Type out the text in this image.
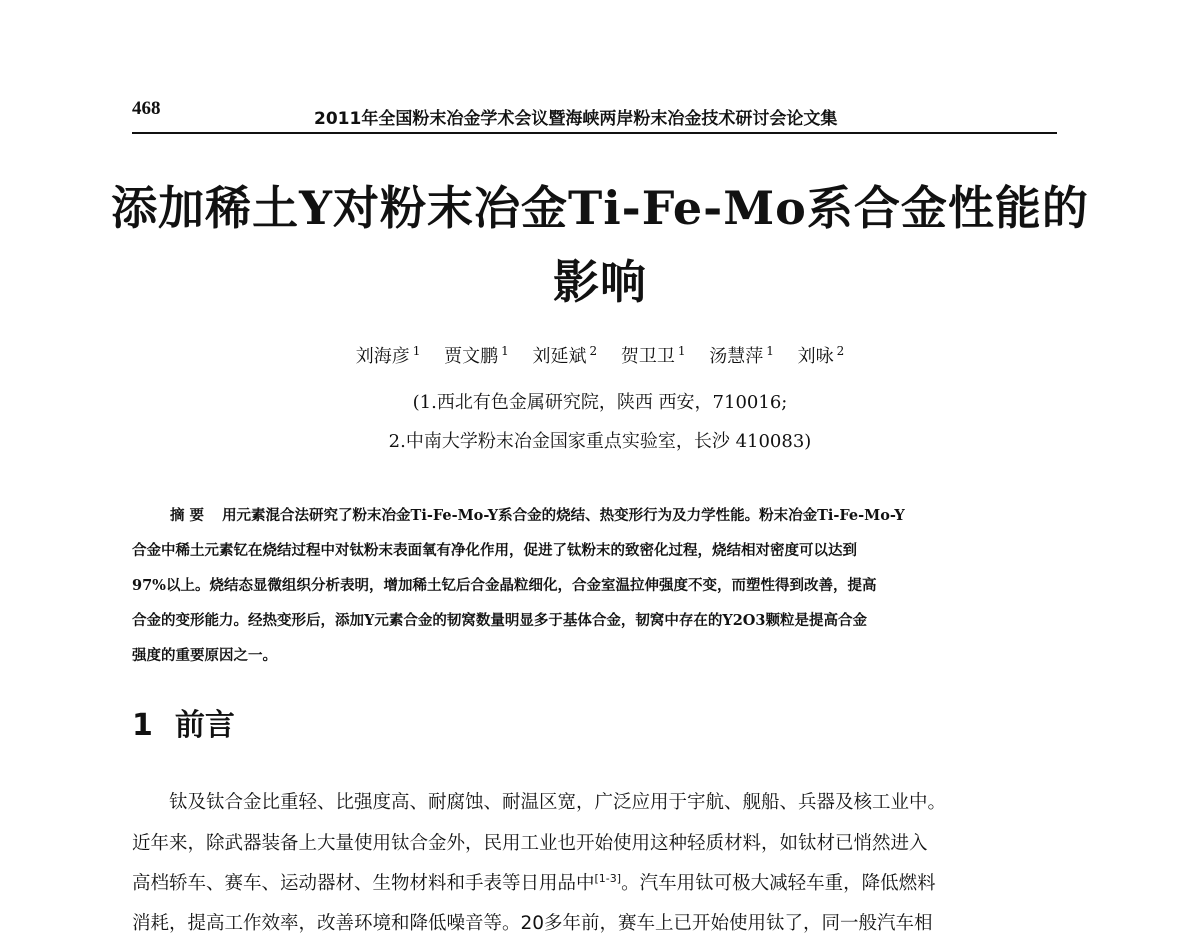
468	2011年全国粉末冶金学术会议暨海峡两岸粉末冶金技术研讨会论文集
添加稀土Y对粉末冶金Ti-Fe-Mo系合金性能的
影响
刘海彦 $^1$ 贾文鹏 $^1$ 刘延斌 $^2$ 贺卫卫 $^1$ 汤慧萍 $^1$ 刘咏 $^2$
(1.西北有色金属研究院，陕西 西安，710016;
2.中南大学粉末冶金国家重点实验室，长沙 410083)
摘 要 用元素混合法研究了粉末冶金Ti-Fe-Mo-Y系合金的烧结、热变形行为及力学性能。粉末冶金Ti-Fe-Mo-Y
合金中稀土元素钇在烧结过程中对钛粉末表面氧有净化作用，促进了钛粉末的致密化过程，烧结相对密度可以达到
97%以上。烧结态显微组织分析表明，增加稀土钇后合金晶粒细化，合金室温拉伸强度不变，而塑性得到改善，提高
合金的变形能力。经热变形后，添加Y元素合金的韧窝数量明显多于基体合金，韧窝中存在的Y2O3颗粒是提高合金
强度的重要原因之一。
1 前言
钛及钛合金比重轻、比强度高、耐腐蚀、耐温区宽，广泛应用于宇航、舰船、兵器及核工业中。
近年来，除武器装备上大量使用钛合金外，民用工业也开始使用这种轻质材料，如钛材已悄然进入
高档轿车、赛车、运动器材、生物材料和手表等日用品中[1-3]。汽车用钛可极大减轻车重，降低燃料
消耗，提高工作效率，改善环境和降低噪音等。20多年前，赛车上已开始使用钛了，同一般汽车相
